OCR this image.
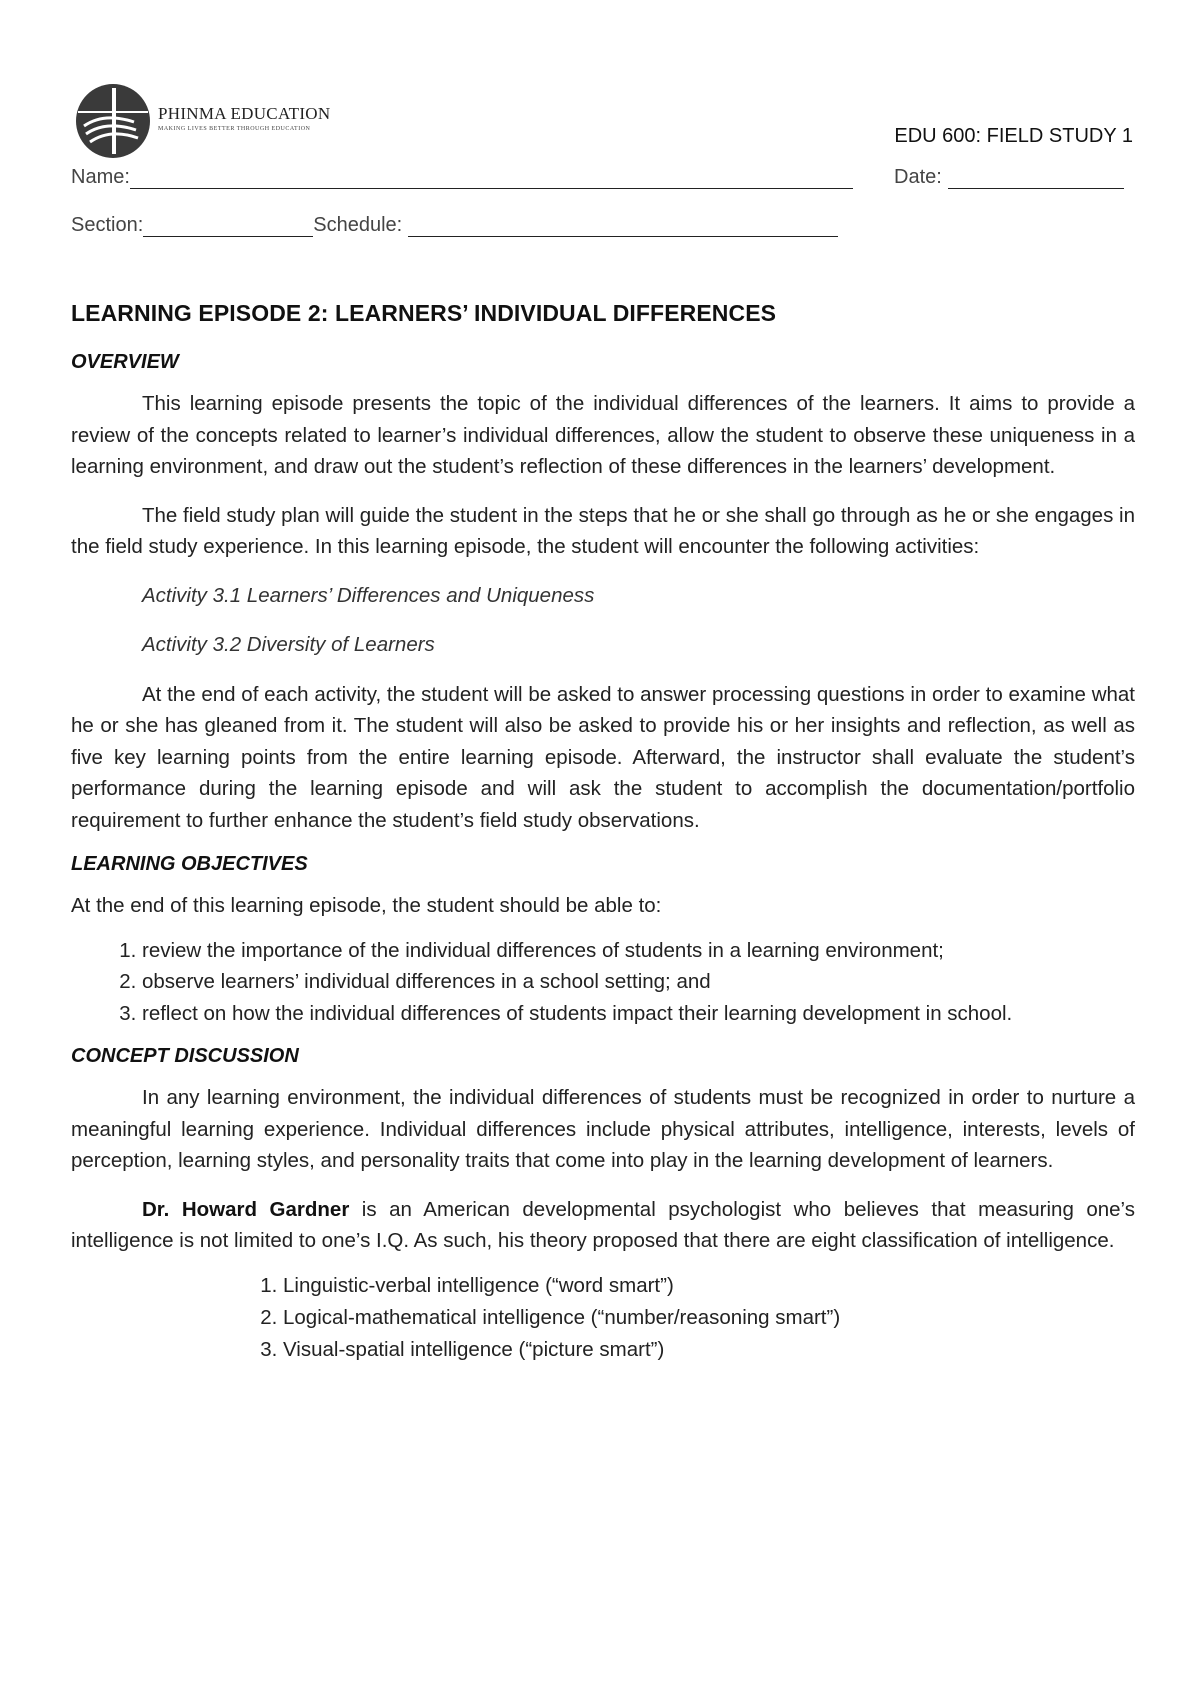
PHINMA EDUCATION
MAKING LIVES BETTER THROUGH EDUCATION	EDU 600: FIELD STUDY 1
Name:	Date:
Section:	Schedule:
LEARNING EPISODE 2: LEARNERS’ INDIVIDUAL DIFFERENCES
OVERVIEW

This learning episode presents the topic of the individual differences of the learners. It aims to provide a review of the concepts related to learner’s individual differences, allow the student to observe these uniqueness in a learning environment, and draw out the student’s reflection of these differences in the learners’ development.

The field study plan will guide the student in the steps that he or she shall go through as he or she engages in the field study experience. In this learning episode, the student will encounter the following activities:

Activity 3.1 Learners’ Differences and Uniqueness

Activity 3.2 Diversity of Learners

At the end of each activity, the student will be asked to answer processing questions in order to examine what he or she has gleaned from it. The student will also be asked to provide his or her insights and reflection, as well as five key learning points from the entire learning episode. Afterward, the instructor shall evaluate the student’s performance during the learning episode and will ask the student to accomplish the documentation/portfolio requirement to further enhance the student’s field study observations.

LEARNING OBJECTIVES

At the end of this learning episode, the student should be able to:

1. review the importance of the individual differences of students in a learning environment;
2. observe learners’ individual differences in a school setting; and
3. reflect on how the individual differences of students impact their learning development in school.
CONCEPT DISCUSSION

In any learning environment, the individual differences of students must be recognized in order to nurture a meaningful learning experience. Individual differences include physical attributes, intelligence, interests, levels of perception, learning styles, and personality traits that come into play in the learning development of learners.

Dr. Howard Gardner is an American developmental psychologist who believes that measuring one’s intelligence is not limited to one’s I.Q. As such, his theory proposed that there are eight classification of intelligence.

1. Linguistic-verbal intelligence (“word smart”)
2. Logical-mathematical intelligence (“number/reasoning smart”)
3. Visual-spatial intelligence (“picture smart”)
